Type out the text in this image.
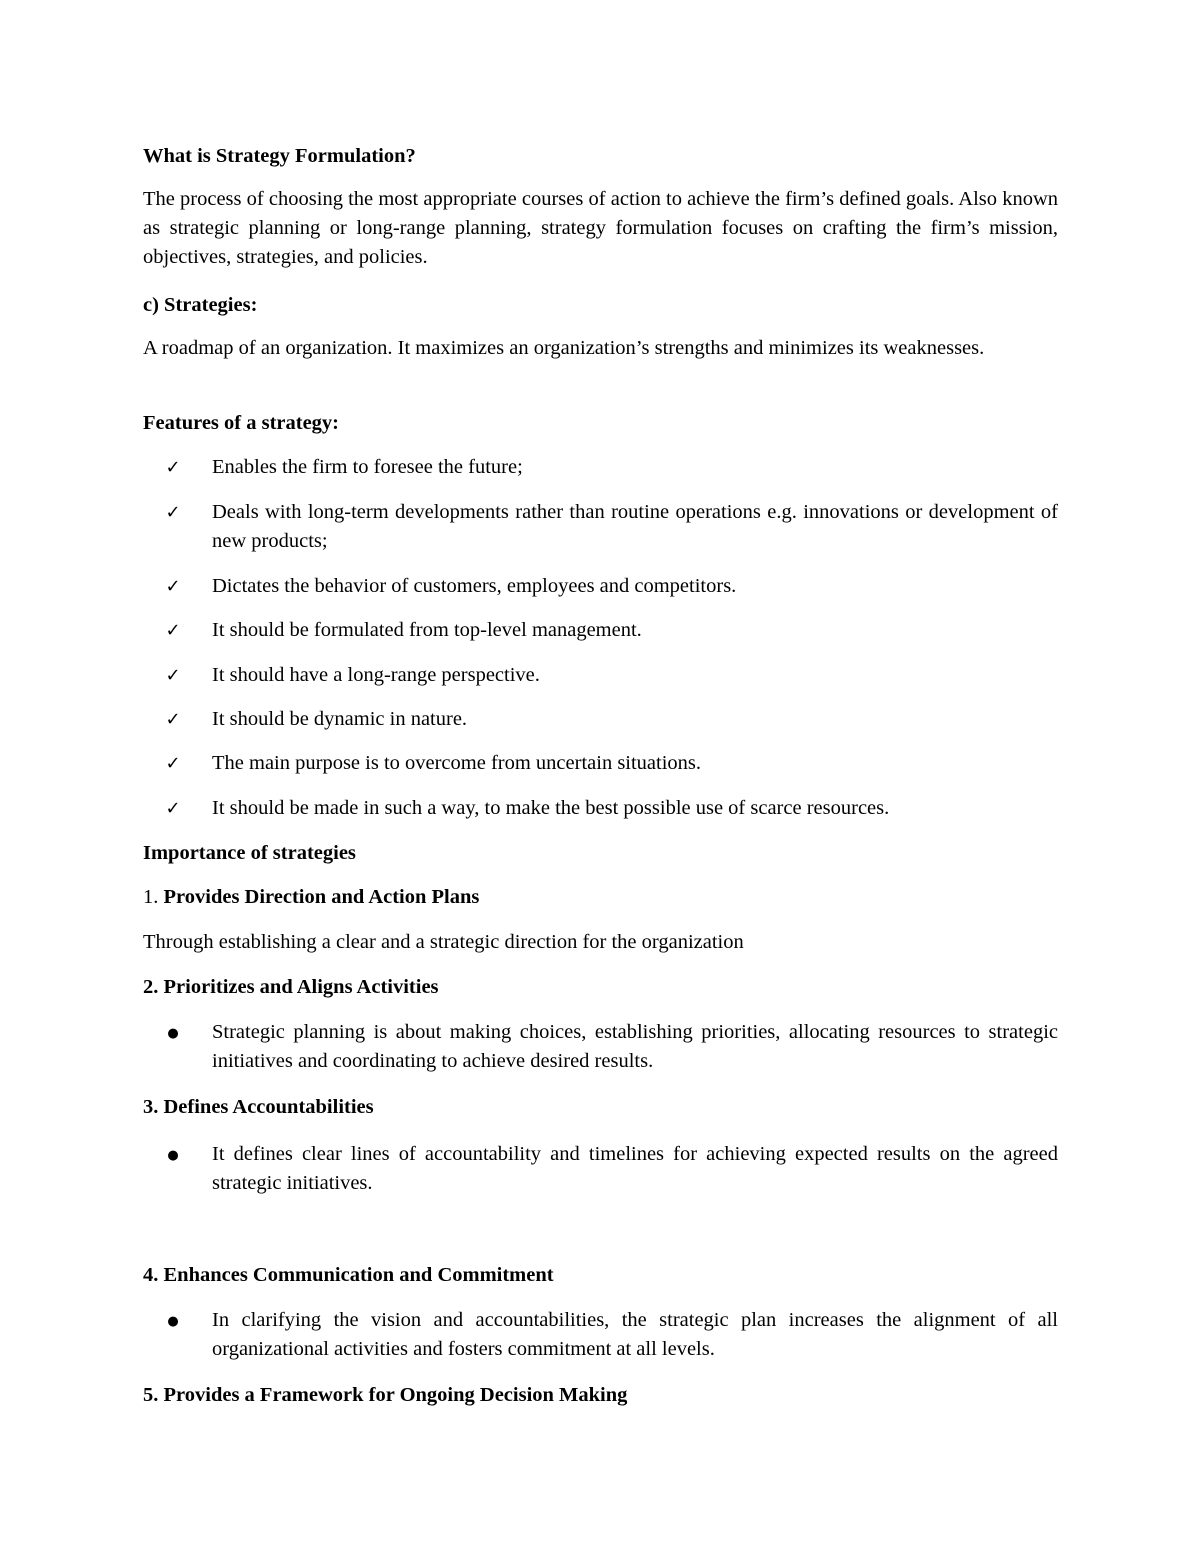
What is Strategy Formulation?

The process of choosing the most appropriate courses of action to achieve the firm’s defined goals. Also known as strategic planning or long-range planning, strategy formulation focuses on crafting the firm’s mission, objectives, strategies, and policies.

c) Strategies:

A roadmap of an organization. It maximizes an organization’s strengths and minimizes its weaknesses.

Features of a strategy:

✓ Enables the firm to foresee the future;
✓ Deals with long-term developments rather than routine operations e.g. innovations or development of new products;
✓ Dictates the behavior of customers, employees and competitors.
✓ It should be formulated from top-level management.
✓ It should have a long-range perspective.
✓ It should be dynamic in nature.
✓ The main purpose is to overcome from uncertain situations.
✓ It should be made in such a way, to make the best possible use of scarce resources.

Importance of strategies

1. Provides Direction and Action Plans

Through establishing a clear and a strategic direction for the organization

2. Prioritizes and Aligns Activities

● Strategic planning is about making choices, establishing priorities, allocating resources to strategic initiatives and coordinating to achieve desired results.

3. Defines Accountabilities

● It defines clear lines of accountability and timelines for achieving expected results on the agreed strategic initiatives.

4. Enhances Communication and Commitment

● In clarifying the vision and accountabilities, the strategic plan increases the alignment of all organizational activities and fosters commitment at all levels.

5. Provides a Framework for Ongoing Decision Making
